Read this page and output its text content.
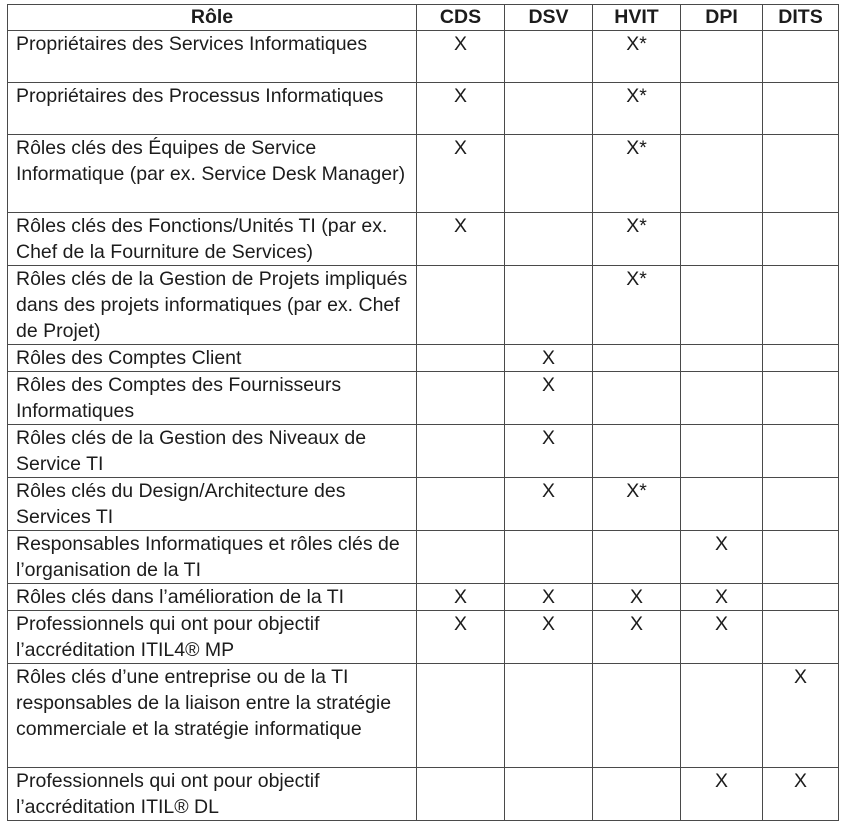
Rôle	CDS	DSV	HVIT	DPI	DITS
Propriétaires des Services Informatiques	X		X*		
Propriétaires des Processus Informatiques	X		X*		
Rôles clés des Équipes de Service Informatique (par ex. Service Desk Manager)	X		X*		
Rôles clés des Fonctions/Unités TI (par ex. Chef de la Fourniture de Services)	X		X*		
Rôles clés de la Gestion de Projets impliqués dans des projets informatiques (par ex. Chef de Projet)			X*		
Rôles des Comptes Client		X			
Rôles des Comptes des Fournisseurs Informatiques		X			
Rôles clés de la Gestion des Niveaux de Service TI		X			
Rôles clés du Design/Architecture des Services TI		X	X*		
Responsables Informatiques et rôles clés de l’organisation de la TI				X	
Rôles clés dans l’amélioration de la TI	X	X	X	X	
Professionnels qui ont pour objectif l’accréditation ITIL4® MP	X	X	X	X	
Rôles clés d’une entreprise ou de la TI responsables de la liaison entre la stratégie commerciale et la stratégie informatique					X
Professionnels qui ont pour objectif l’accréditation ITIL® DL				X	X
